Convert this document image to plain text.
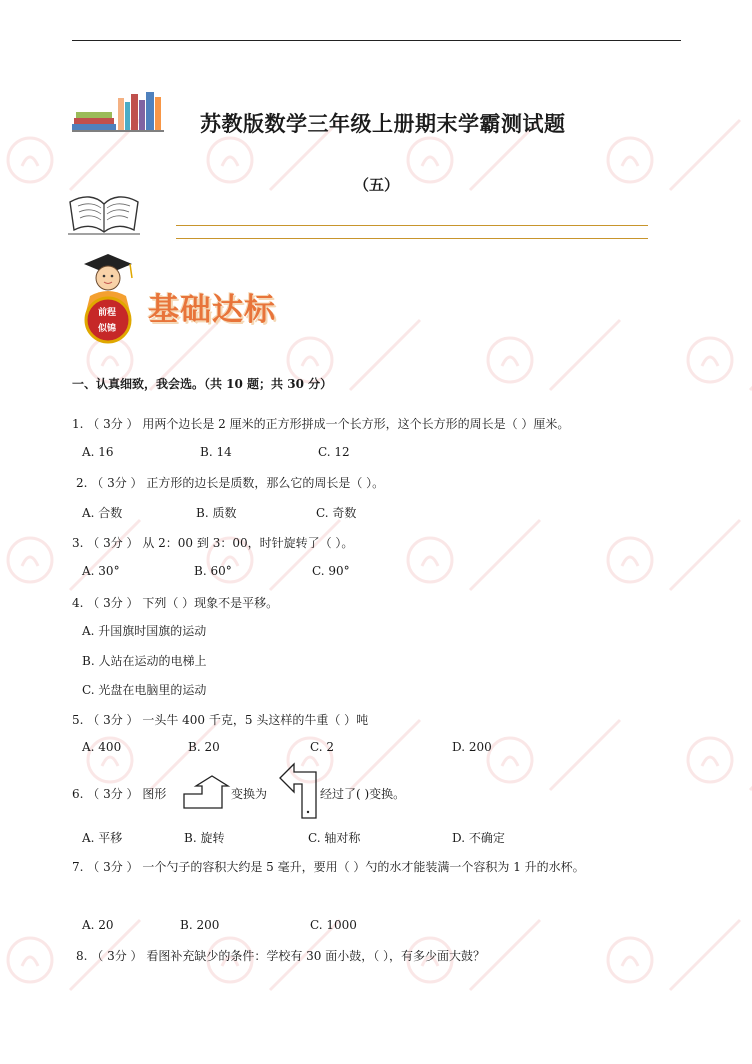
苏教版数学三年级上册期末学霸测试题
（五）
前程
似锦
基础达标
一、认真细致，我会选。（共 10 题；共 30 分）
1. （ 3分 ） 用两个边长是 2 厘米的正方形拼成一个长方形，这个长方形的周长是（ ）厘米。
A. 16	B. 14	C. 12
2. （ 3分 ） 正方形的边长是质数，那么它的周长是（ ）。
A. 合数	B. 质数	C. 奇数
3. （ 3分 ） 从 2：00 到 3：00，时针旋转了（ ）。
A. 30°	B. 60°	C. 90°
4. （ 3分 ） 下列（ ）现象不是平移。
A. 升国旗时国旗的运动
B. 人站在运动的电梯上
C. 光盘在电脑里的运动
5. （ 3分 ） 一头牛 400 千克，5 头这样的牛重（ ）吨
A. 400	B. 20	C. 2	D. 200
6. （ 3分 ） 图形	变换为	经过了( )变换。
A. 平移	B. 旋转	C. 轴对称	D. 不确定
7. （ 3分 ） 一个勺子的容积大约是 5 毫升，要用（ ）勺的水才能装满一个容积为 1 升的水杯。
A. 20	B. 200	C. 1000
8. （ 3分 ） 看图补充缺少的条件：学校有 30 面小鼓，（ ），有多少面大鼓？
